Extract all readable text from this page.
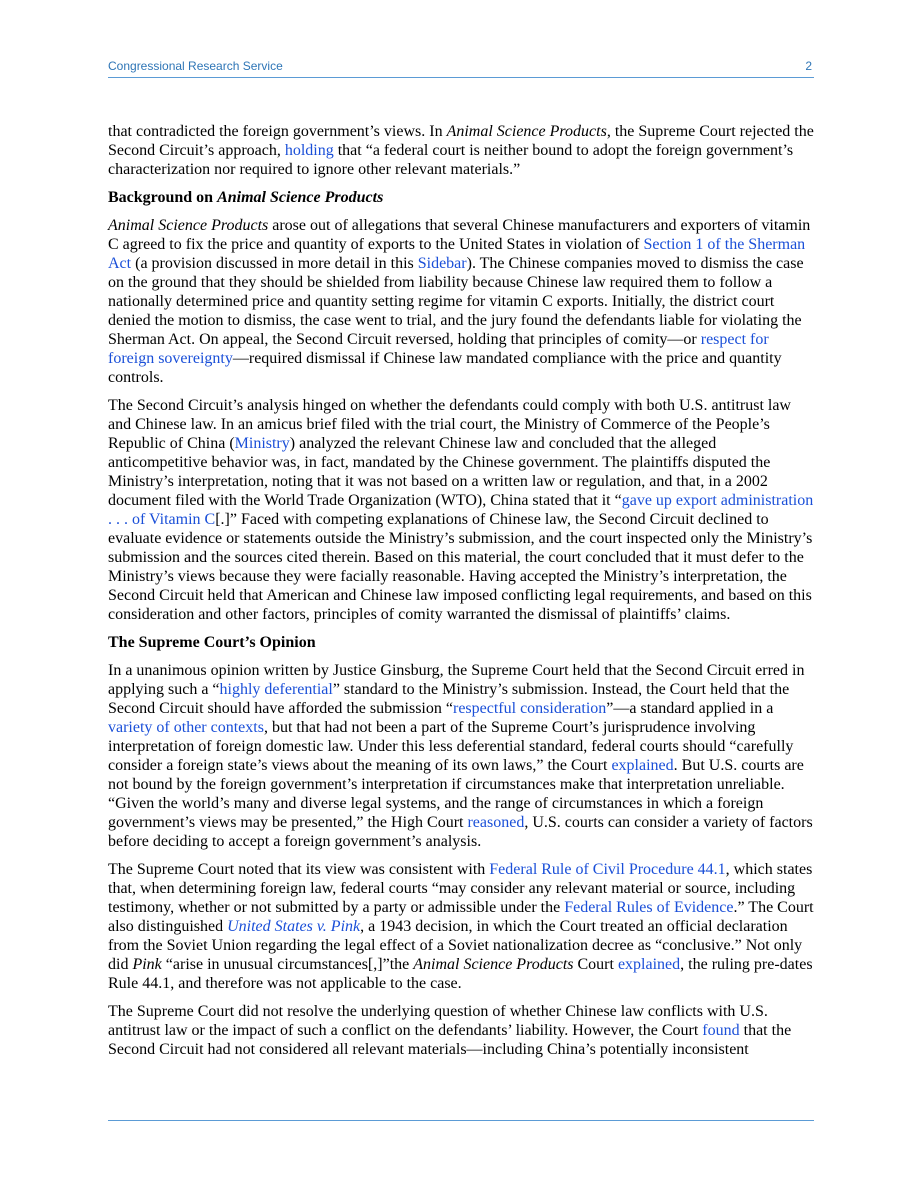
Congressional Research Service	2

that contradicted the foreign government’s views. In Animal Science Products, the Supreme Court rejected the Second Circuit’s approach, holding that “a federal court is neither bound to adopt the foreign government’s characterization nor required to ignore other relevant materials.”

Background on Animal Science Products

Animal Science Products arose out of allegations that several Chinese manufacturers and exporters of vitamin C agreed to fix the price and quantity of exports to the United States in violation of Section 1 of the Sherman Act (a provision discussed in more detail in this Sidebar). The Chinese companies moved to dismiss the case on the ground that they should be shielded from liability because Chinese law required them to follow a nationally determined price and quantity setting regime for vitamin C exports. Initially, the district court denied the motion to dismiss, the case went to trial, and the jury found the defendants liable for violating the Sherman Act. On appeal, the Second Circuit reversed, holding that principles of comity—or respect for foreign sovereignty—required dismissal if Chinese law mandated compliance with the price and quantity controls.

The Second Circuit’s analysis hinged on whether the defendants could comply with both U.S. antitrust law and Chinese law. In an amicus brief filed with the trial court, the Ministry of Commerce of the People’s Republic of China (Ministry) analyzed the relevant Chinese law and concluded that the alleged anticompetitive behavior was, in fact, mandated by the Chinese government. The plaintiffs disputed the Ministry’s interpretation, noting that it was not based on a written law or regulation, and that, in a 2002 document filed with the World Trade Organization (WTO), China stated that it “gave up export administration . . . of Vitamin C[.]” Faced with competing explanations of Chinese law, the Second Circuit declined to evaluate evidence or statements outside the Ministry’s submission, and the court inspected only the Ministry’s submission and the sources cited therein. Based on this material, the court concluded that it must defer to the Ministry’s views because they were facially reasonable. Having accepted the Ministry’s interpretation, the Second Circuit held that American and Chinese law imposed conflicting legal requirements, and based on this consideration and other factors, principles of comity warranted the dismissal of plaintiffs’ claims.

The Supreme Court’s Opinion

In a unanimous opinion written by Justice Ginsburg, the Supreme Court held that the Second Circuit erred in applying such a “highly deferential” standard to the Ministry’s submission. Instead, the Court held that the Second Circuit should have afforded the submission “respectful consideration”—a standard applied in a variety of other contexts, but that had not been a part of the Supreme Court’s jurisprudence involving interpretation of foreign domestic law. Under this less deferential standard, federal courts should “carefully consider a foreign state’s views about the meaning of its own laws,” the Court explained. But U.S. courts are not bound by the foreign government’s interpretation if circumstances make that interpretation unreliable. “Given the world’s many and diverse legal systems, and the range of circumstances in which a foreign government’s views may be presented,” the High Court reasoned, U.S. courts can consider a variety of factors before deciding to accept a foreign government’s analysis.

The Supreme Court noted that its view was consistent with Federal Rule of Civil Procedure 44.1, which states that, when determining foreign law, federal courts “may consider any relevant material or source, including testimony, whether or not submitted by a party or admissible under the Federal Rules of Evidence.” The Court also distinguished United States v. Pink, a 1943 decision, in which the Court treated an official declaration from the Soviet Union regarding the legal effect of a Soviet nationalization decree as “conclusive.” Not only did Pink “arise in unusual circumstances[,]”the Animal Science Products Court explained, the ruling pre-dates Rule 44.1, and therefore was not applicable to the case.

The Supreme Court did not resolve the underlying question of whether Chinese law conflicts with U.S. antitrust law or the impact of such a conflict on the defendants’ liability. However, the Court found that the Second Circuit had not considered all relevant materials—including China’s potentially inconsistent
